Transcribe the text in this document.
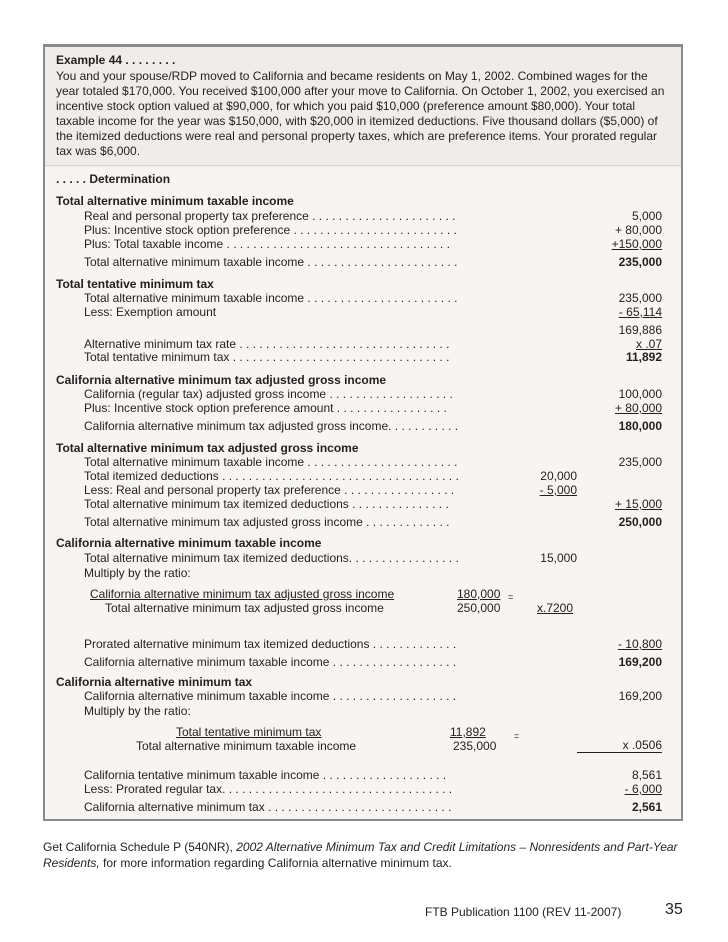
Example 44 . . . . . . . .
You and your spouse/RDP moved to California and became residents on May 1, 2002. Combined wages for the year totaled $170,000. You received $100,000 after your move to California. On October 1, 2002, you exercised an incentive stock option valued at $90,000, for which you paid $10,000 (preference amount $80,000). Your total taxable income for the year was $150,000, with $20,000 in itemized deductions. Five thousand dollars ($5,000) of the itemized deductions were real and personal property taxes, which are preference items. Your prorated regular tax was $6,000.
. . . . . Determination
Total alternative minimum taxable income
Real and personal property tax preference . . . . . . . . . . . . . . . . . . . . . .	5,000
Plus: Incentive stock option preference . . . . . . . . . . . . . . . . . . . . . . . . .	+ 80,000
Plus: Total taxable income . . . . . . . . . . . . . . . . . . . . . . . . . . . . . . . . . .	+150,000
Total alternative minimum taxable income . . . . . . . . . . . . . . . . . . . . . . .	235,000
Total tentative minimum tax
Total alternative minimum taxable income . . . . . . . . . . . . . . . . . . . . . . .	235,000
Less: Exemption amount	- 65,114
169,886
Alternative minimum tax rate . . . . . . . . . . . . . . . . . . . . . . . . . . . . . . . .	x .07
Total tentative minimum tax . . . . . . . . . . . . . . . . . . . . . . . . . . . . . . . . .	11,892
California alternative minimum tax adjusted gross income
California (regular tax) adjusted gross income . . . . . . . . . . . . . . . . . . .	100,000
Plus: Incentive stock option preference amount . . . . . . . . . . . . . . . . .	+ 80,000
California alternative minimum tax adjusted gross income. . . . . . . . . . .	180,000
Total alternative minimum tax adjusted gross income
Total alternative minimum taxable income . . . . . . . . . . . . . . . . . . . . . . .	235,000
Total itemized deductions . . . . . . . . . . . . . . . . . . . . . . . . . . . . . . . . . . . .	20,000
Less: Real and personal property tax preference . . . . . . . . . . . . . . . . .	- 5,000
Total alternative minimum tax itemized deductions . . . . . . . . . . . . . . .	+ 15,000
Total alternative minimum tax adjusted gross income . . . . . . . . . . . . .	250,000
California alternative minimum taxable income
Total alternative minimum tax itemized deductions. . . . . . . . . . . . . . . . .	15,000
Multiply by the ratio:
California alternative minimum tax adjusted gross income	180,000 =
Total alternative minimum tax adjusted gross income	250,000	x.7200
Prorated alternative minimum tax itemized deductions . . . . . . . . . . . . .	- 10,800
California alternative minimum taxable income . . . . . . . . . . . . . . . . . . .	169,200
California alternative minimum tax
California alternative minimum taxable income . . . . . . . . . . . . . . . . . . .	169,200
Multiply by the ratio:
Total tentative minimum tax	11,892	=
Total alternative minimum taxable income	235,000	x .0506
California tentative minimum taxable income . . . . . . . . . . . . . . . . . . .	8,561
Less: Prorated regular tax. . . . . . . . . . . . . . . . . . . . . . . . . . . . . . . . . . .	- 6,000
California alternative minimum tax . . . . . . . . . . . . . . . . . . . . . . . . . . . .	2,561
Get California Schedule P (540NR), 2002 Alternative Minimum Tax and Credit Limitations – Nonresidents and Part-Year Residents, for more information regarding California alternative minimum tax.
FTB Publication 1100 (REV 11-2007)	35
